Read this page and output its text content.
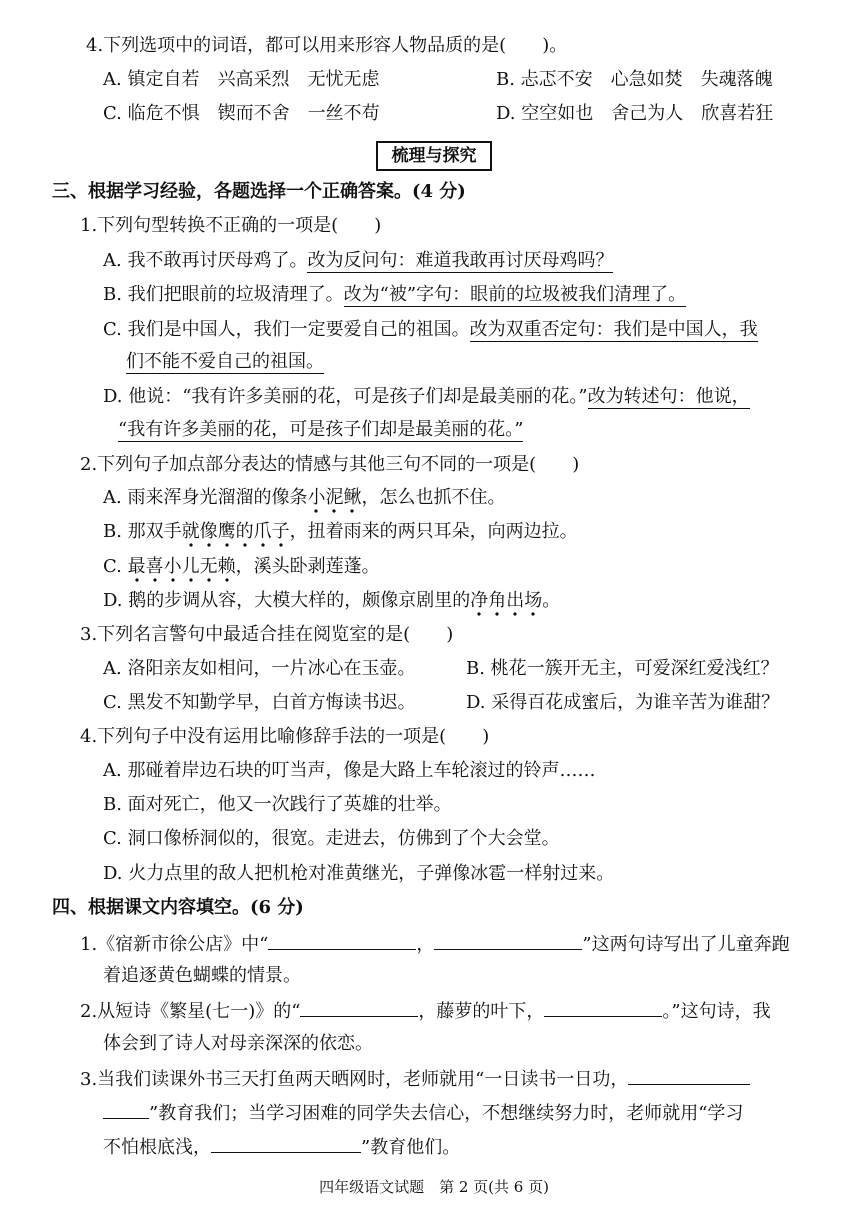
4.下列选项中的词语，都可以用来形容人物品质的是(　　)。
A. 镇定自若　兴高采烈　无忧无虑	B. 忐忑不安　心急如焚　失魂落魄
C. 临危不惧　锲而不舍　一丝不苟	D. 空空如也　舍己为人　欣喜若狂
梳理与探究
三、根据学习经验，各题选择一个正确答案。(4 分)
1.下列句型转换不正确的一项是(　　)
A. 我不敢再讨厌母鸡了。改为反问句：难道我敢再讨厌母鸡吗？
B. 我们把眼前的垃圾清理了。改为“被”字句：眼前的垃圾被我们清理了。
C. 我们是中国人，我们一定要爱自己的祖国。改为双重否定句：我们是中国人，我
们不能不爱自己的祖国。
D. 他说：“我有许多美丽的花，可是孩子们却是最美丽的花。”改为转述句：他说，
“我有许多美丽的花，可是孩子们却是最美丽的花。”
2.下列句子加点部分表达的情感与其他三句不同的一项是(　　)
A. 雨来浑身光溜溜的像条小泥鳅，怎么也抓不住。
B. 那双手就像鹰的爪子，扭着雨来的两只耳朵，向两边拉。
C. 最喜小儿无赖，溪头卧剥莲蓬。
D. 鹅的步调从容，大模大样的，颇像京剧里的净角出场。
3.下列名言警句中最适合挂在阅览室的是(　　)
A. 洛阳亲友如相问，一片冰心在玉壶。	B. 桃花一簇开无主，可爱深红爱浅红？
C. 黑发不知勤学早，白首方悔读书迟。	D. 采得百花成蜜后，为谁辛苦为谁甜？
4.下列句子中没有运用比喻修辞手法的一项是(　　)
A. 那碰着岸边石块的叮当声，像是大路上车轮滚过的铃声……
B. 面对死亡，他又一次践行了英雄的壮举。
C. 洞口像桥洞似的，很宽。走进去，仿佛到了个大会堂。
D. 火力点里的敌人把机枪对准黄继光，子弹像冰雹一样射过来。
四、根据课文内容填空。(6 分)
1.《宿新市徐公店》中“	，	”这两句诗写出了儿童奔跑
着追逐黄色蝴蝶的情景。
2.从短诗《繁星(七一)》的“	，藤萝的叶下，	。”这句诗，我
体会到了诗人对母亲深深的依恋。
3.当我们读课外书三天打鱼两天晒网时，老师就用“一日读书一日功，
”教育我们；当学习困难的同学失去信心，不想继续努力时，老师就用“学习
不怕根底浅，	”教育他们。
四年级语文试题　第 2 页(共 6 页)
